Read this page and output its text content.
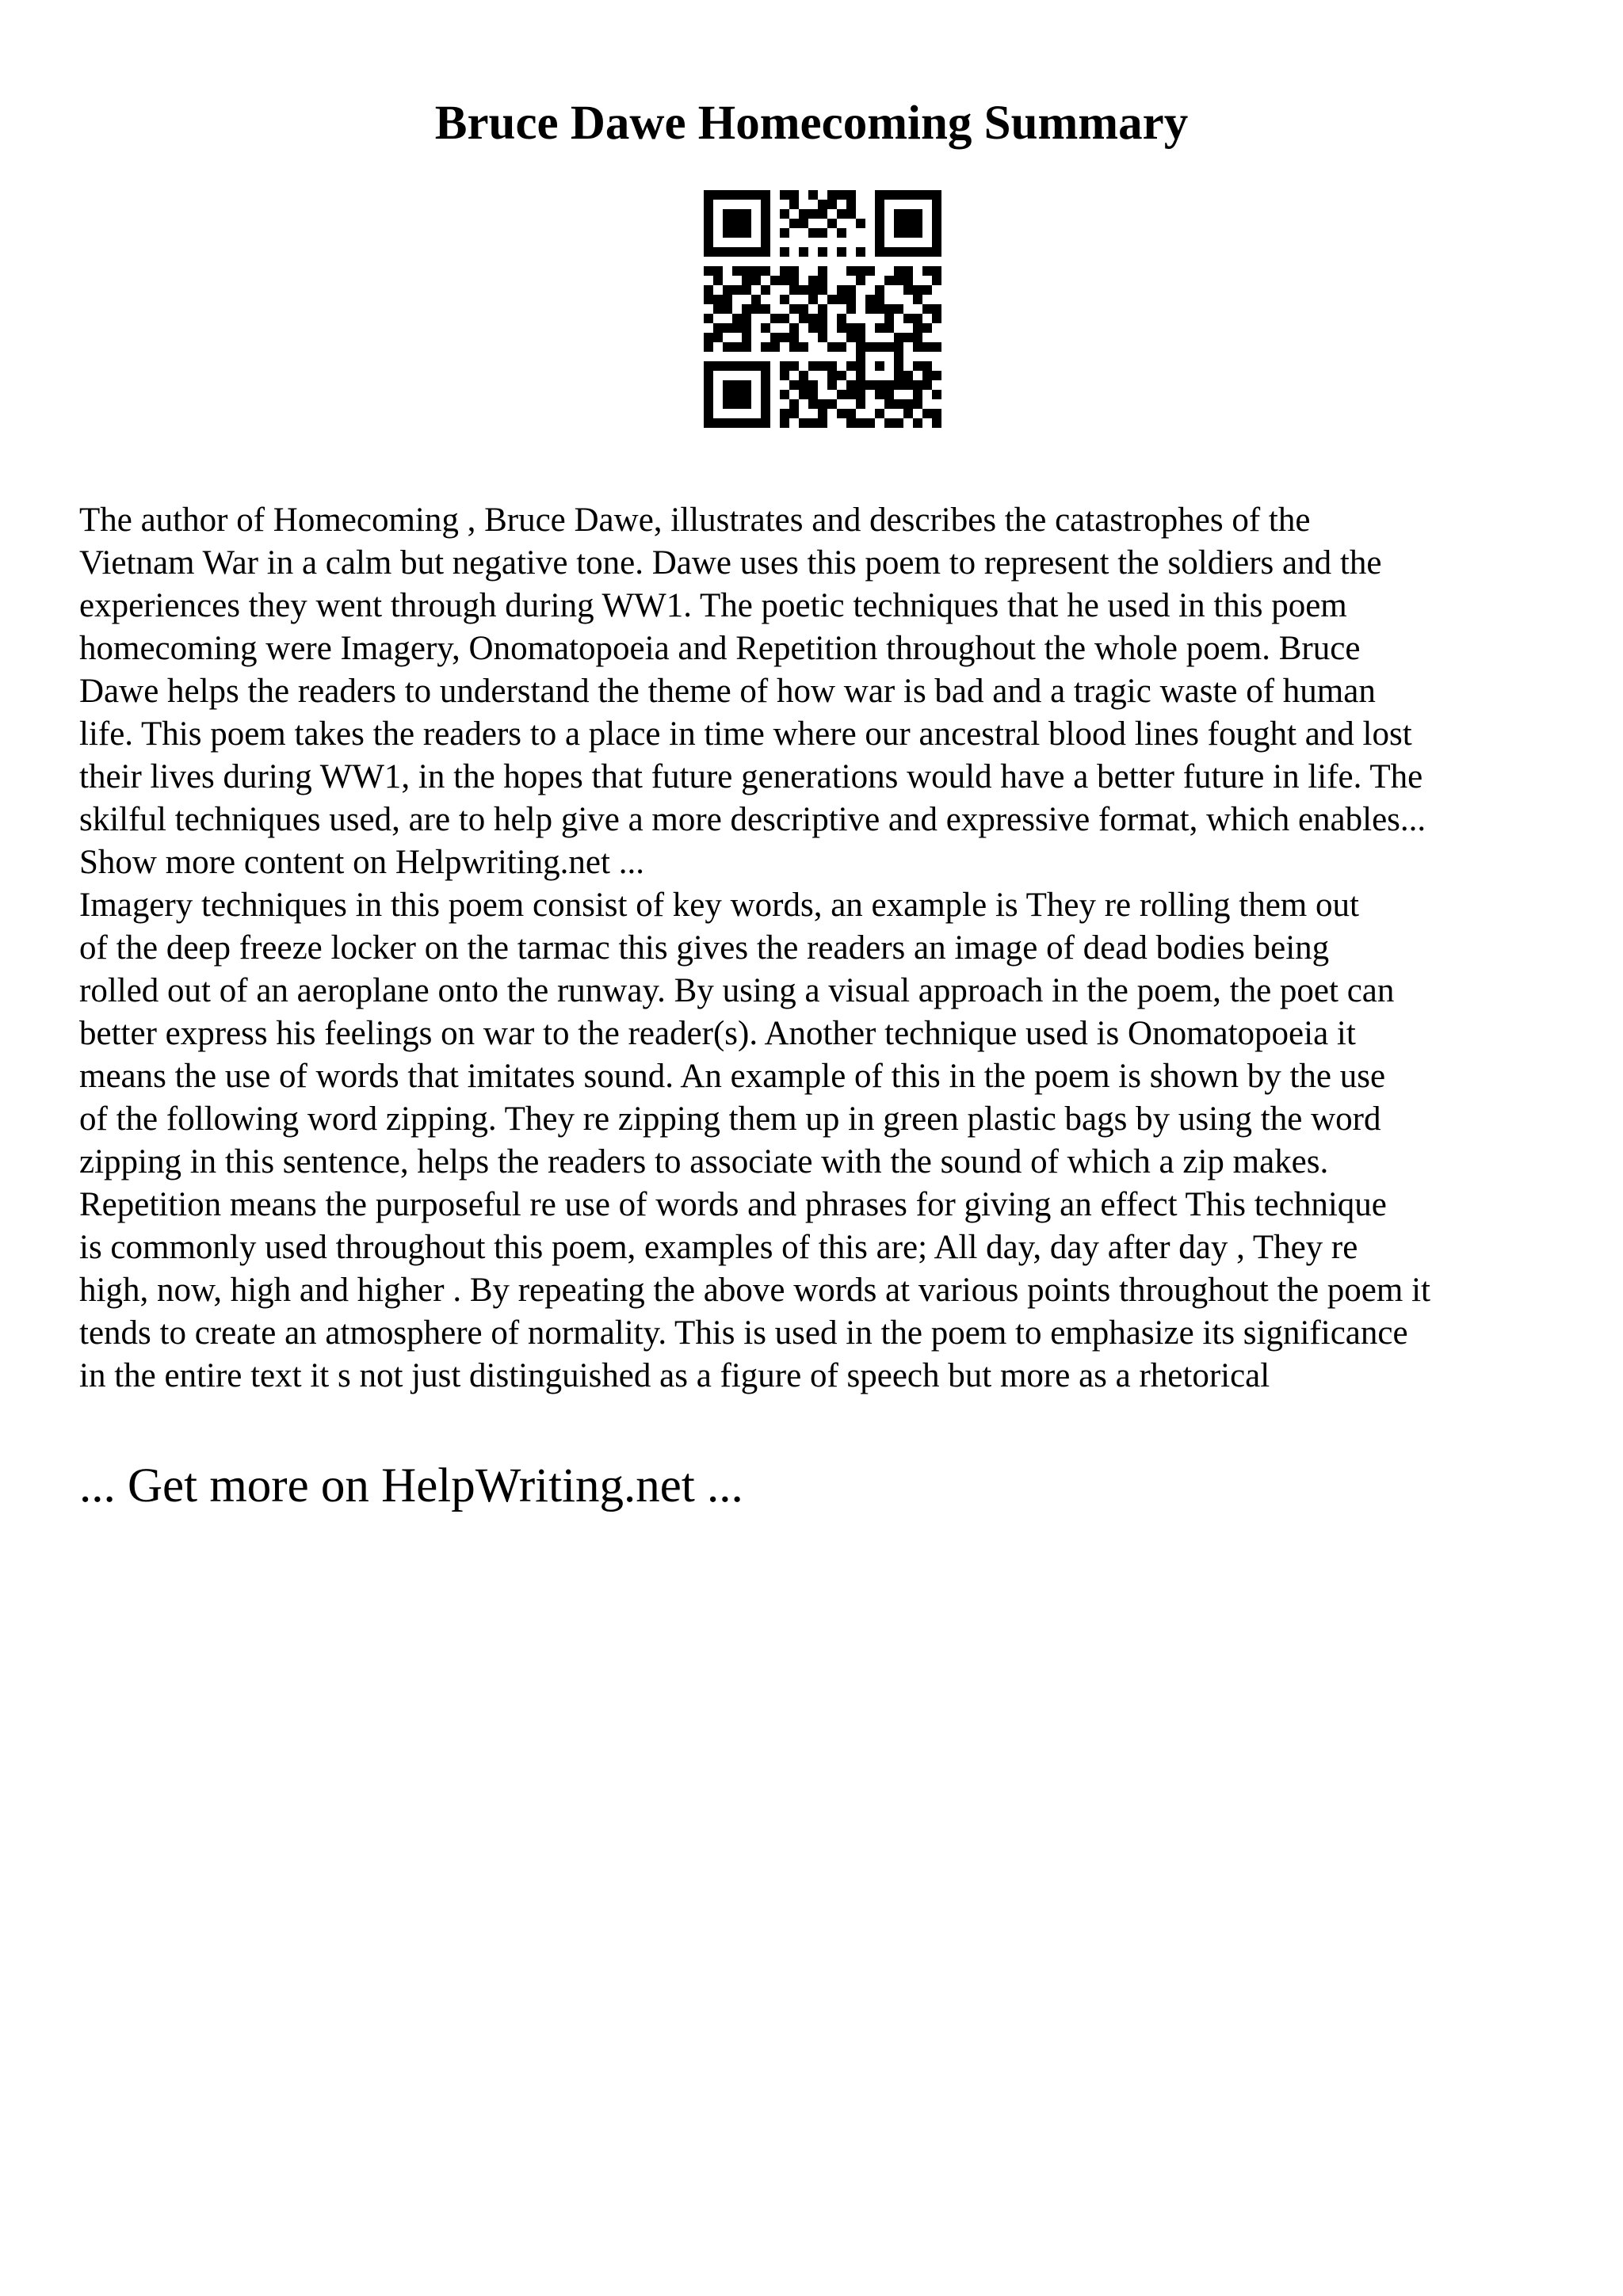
Bruce Dawe Homecoming Summary
The author of Homecoming , Bruce Dawe, illustrates and describes the catastrophes of the
Vietnam War in a calm but negative tone. Dawe uses this poem to represent the soldiers and the
experiences they went through during WW1. The poetic techniques that he used in this poem
homecoming were Imagery, Onomatopoeia and Repetition throughout the whole poem. Bruce
Dawe helps the readers to understand the theme of how war is bad and a tragic waste of human
life. This poem takes the readers to a place in time where our ancestral blood lines fought and lost
their lives during WW1, in the hopes that future generations would have a better future in life. The
skilful techniques used, are to help give a more descriptive and expressive format, which enables...
Show more content on Helpwriting.net ...
Imagery techniques in this poem consist of key words, an example is They re rolling them out
of the deep freeze locker on the tarmac this gives the readers an image of dead bodies being
rolled out of an aeroplane onto the runway. By using a visual approach in the poem, the poet can
better express his feelings on war to the reader(s). Another technique used is Onomatopoeia it
means the use of words that imitates sound. An example of this in the poem is shown by the use
of the following word zipping. They re zipping them up in green plastic bags by using the word
zipping in this sentence, helps the readers to associate with the sound of which a zip makes.
Repetition means the purposeful re use of words and phrases for giving an effect This technique
is commonly used throughout this poem, examples of this are; All day, day after day , They re
high, now, high and higher . By repeating the above words at various points throughout the poem it
tends to create an atmosphere of normality. This is used in the poem to emphasize its significance
in the entire text it s not just distinguished as a figure of speech but more as a rhetorical
... Get more on HelpWriting.net ...
